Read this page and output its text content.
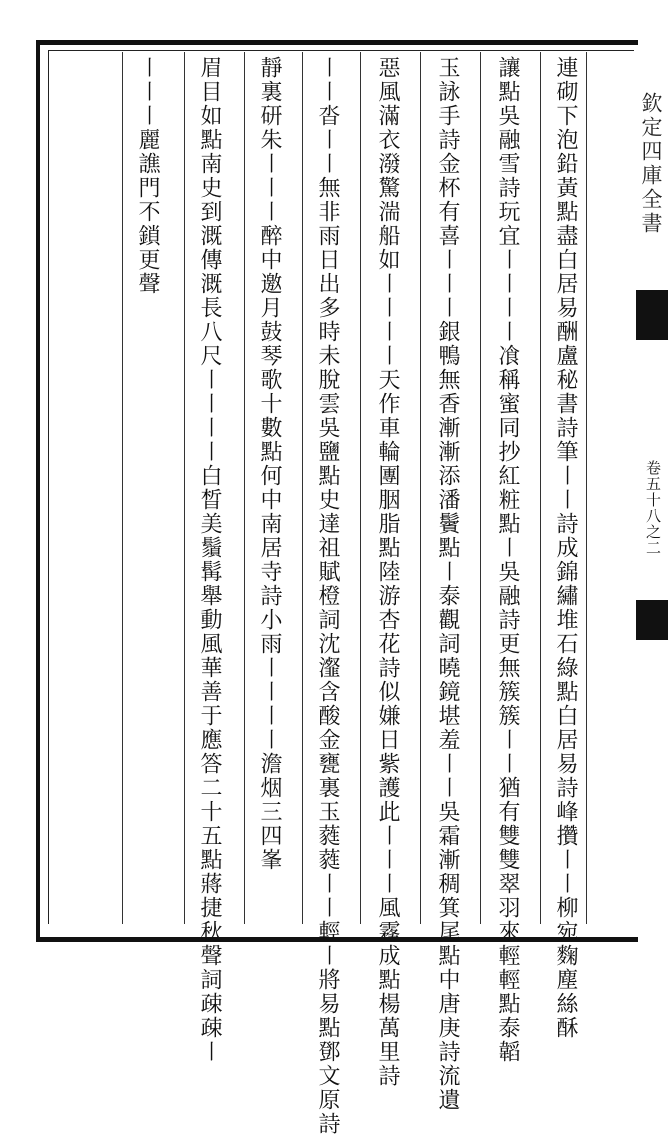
連砌下泡鉛黃點盡白居易酬盧秘書詩筆〡〡詩成錦繡堆石綠點白居易詩峰攢〡〡柳宛麴塵絲酥
讓點吳融雪詩玩宜〡〡〡〡飡稱蜜同抄紅粧點〡吳融詩更無簇簇〡〡猶有雙雙翠羽來輕輕點泰韜
玉詠手詩金杯有喜〡〡〡銀鴨無香漸漸添潘鬢點〡泰觀詞曉鏡堪羞〡〡吳霜漸稠箕尾點中唐庚詩流遺
惡風滿衣潑驚湍船如〡〡〡〡天作車輪團胭脂點陸游杏花詩似嫌日紫護此〡〡〡風霧成點楊萬里詩
〡〡沓〡〡無非雨日出多時未脫雲吳鹽點史達祖賦橙詞沈瀣含酸金甕裏玉蕤蕤〡〡輕〡將易點鄧文原詩
靜裏研朱〡〡〡醉中邀月鼓琴歌十數點何中南居寺詩小雨〡〡〡〡澹烟三四峯
眉目如點南史到溉傳溉長八尺〡〡〡〡白晳美鬚髯舉動風華善于應答二十五點蔣捷秋聲詞疎疎〡
〡〡〡麗譙門不鎖更聲	欽定四庫全書
卷五十八之二
